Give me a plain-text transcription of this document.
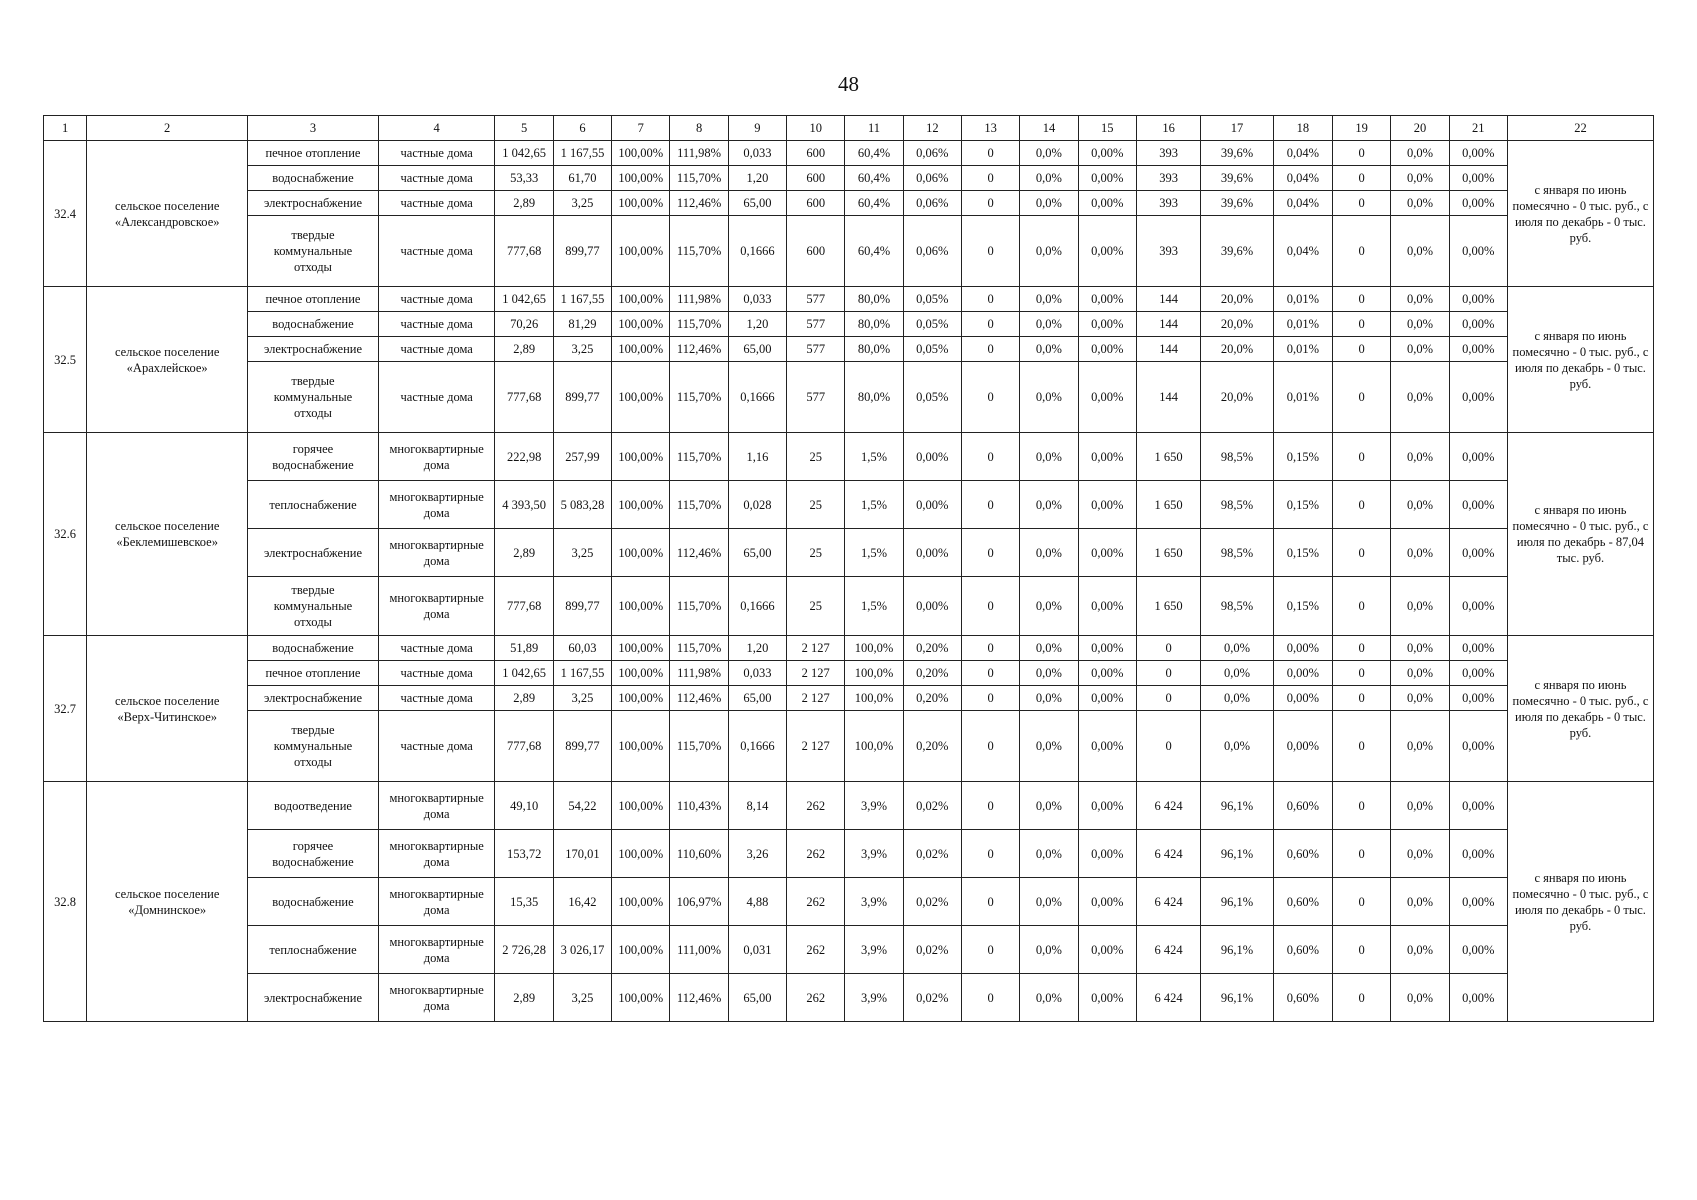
48
1	2	3	4	5	6	7	8	9	10	11	12	13	14	15	16	17	18	19	20	21	22
32.4	сельское поселение «Александровское»	печное отопление	частные дома	1 042,65	1 167,55	100,00%	111,98%	0,033	600	60,4%	0,06%	0	0,0%	0,00%	393	39,6%	0,04%	0	0,0%	0,00%	с января по июнь помесячно - 0 тыс. руб., с июля по декабрь - 0 тыс. руб.
		водоснабжение	частные дома	53,33	61,70	100,00%	115,70%	1,20	600	60,4%	0,06%	0	0,0%	0,00%	393	39,6%	0,04%	0	0,0%	0,00%	
		электроснабжение	частные дома	2,89	3,25	100,00%	112,46%	65,00	600	60,4%	0,06%	0	0,0%	0,00%	393	39,6%	0,04%	0	0,0%	0,00%	
		твердые коммунальные отходы	частные дома	777,68	899,77	100,00%	115,70%	0,1666	600	60,4%	0,06%	0	0,0%	0,00%	393	39,6%	0,04%	0	0,0%	0,00%	
32.5	сельское поселение «Арахлейское»	печное отопление	частные дома	1 042,65	1 167,55	100,00%	111,98%	0,033	577	80,0%	0,05%	0	0,0%	0,00%	144	20,0%	0,01%	0	0,0%	0,00%	с января по июнь помесячно - 0 тыс. руб., с июля по декабрь - 0 тыс. руб.
		водоснабжение	частные дома	70,26	81,29	100,00%	115,70%	1,20	577	80,0%	0,05%	0	0,0%	0,00%	144	20,0%	0,01%	0	0,0%	0,00%	
		электроснабжение	частные дома	2,89	3,25	100,00%	112,46%	65,00	577	80,0%	0,05%	0	0,0%	0,00%	144	20,0%	0,01%	0	0,0%	0,00%	
		твердые коммунальные отходы	частные дома	777,68	899,77	100,00%	115,70%	0,1666	577	80,0%	0,05%	0	0,0%	0,00%	144	20,0%	0,01%	0	0,0%	0,00%	
32.6	сельское поселение «Беклемишевское»	горячее водоснабжение	многоквартирные дома	222,98	257,99	100,00%	115,70%	1,16	25	1,5%	0,00%	0	0,0%	0,00%	1 650	98,5%	0,15%	0	0,0%	0,00%	с января по июнь помесячно - 0 тыс. руб., с июля по декабрь - 87,04 тыс. руб.
		теплоснабжение	многоквартирные дома	4 393,50	5 083,28	100,00%	115,70%	0,028	25	1,5%	0,00%	0	0,0%	0,00%	1 650	98,5%	0,15%	0	0,0%	0,00%	
		электроснабжение	многоквартирные дома	2,89	3,25	100,00%	112,46%	65,00	25	1,5%	0,00%	0	0,0%	0,00%	1 650	98,5%	0,15%	0	0,0%	0,00%	
		твердые коммунальные отходы	многоквартирные дома	777,68	899,77	100,00%	115,70%	0,1666	25	1,5%	0,00%	0	0,0%	0,00%	1 650	98,5%	0,15%	0	0,0%	0,00%	
32.7	сельское поселение «Верх-Читинское»	водоснабжение	частные дома	51,89	60,03	100,00%	115,70%	1,20	2 127	100,0%	0,20%	0	0,0%	0,00%	0	0,0%	0,00%	0	0,0%	0,00%	с января по июнь помесячно - 0 тыс. руб., с июля по декабрь - 0 тыс. руб.
		печное отопление	частные дома	1 042,65	1 167,55	100,00%	111,98%	0,033	2 127	100,0%	0,20%	0	0,0%	0,00%	0	0,0%	0,00%	0	0,0%	0,00%	
		электроснабжение	частные дома	2,89	3,25	100,00%	112,46%	65,00	2 127	100,0%	0,20%	0	0,0%	0,00%	0	0,0%	0,00%	0	0,0%	0,00%	
		твердые коммунальные отходы	частные дома	777,68	899,77	100,00%	115,70%	0,1666	2 127	100,0%	0,20%	0	0,0%	0,00%	0	0,0%	0,00%	0	0,0%	0,00%	
32.8	сельское поселение «Домнинское»	водоотведение	многоквартирные дома	49,10	54,22	100,00%	110,43%	8,14	262	3,9%	0,02%	0	0,0%	0,00%	6 424	96,1%	0,60%	0	0,0%	0,00%	с января по июнь помесячно - 0 тыс. руб., с июля по декабрь - 0 тыс. руб.
		горячее водоснабжение	многоквартирные дома	153,72	170,01	100,00%	110,60%	3,26	262	3,9%	0,02%	0	0,0%	0,00%	6 424	96,1%	0,60%	0	0,0%	0,00%	
		водоснабжение	многоквартирные дома	15,35	16,42	100,00%	106,97%	4,88	262	3,9%	0,02%	0	0,0%	0,00%	6 424	96,1%	0,60%	0	0,0%	0,00%	
		теплоснабжение	многоквартирные дома	2 726,28	3 026,17	100,00%	111,00%	0,031	262	3,9%	0,02%	0	0,0%	0,00%	6 424	96,1%	0,60%	0	0,0%	0,00%	
		электроснабжение	многоквартирные дома	2,89	3,25	100,00%	112,46%	65,00	262	3,9%	0,02%	0	0,0%	0,00%	6 424	96,1%	0,60%	0	0,0%	0,00%	
